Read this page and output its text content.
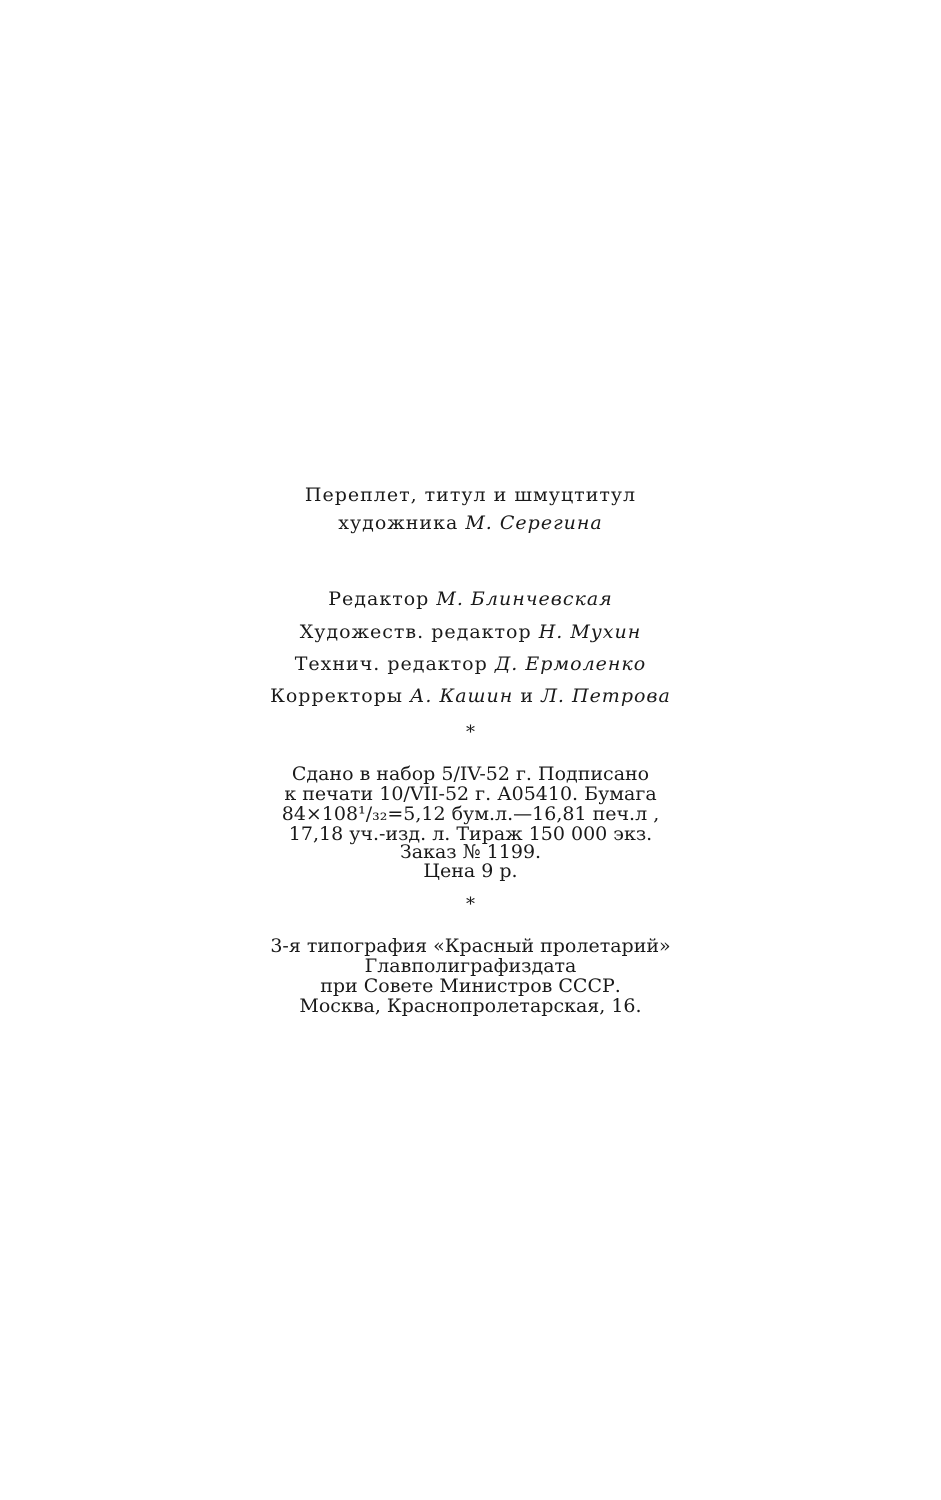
Переплет, титул и шмуцтитул
художника М. Серегина
Редактор М. Блинчевская
Художеств. редактор Н. Мухин
Технич. редактор Д. Ермоленко
Корректоры А. Кашин и Л. Петрова
*
Сдано в набор 5/IV-52 г. Подписано
к печати 10/VII-52 г. А05410. Бумага
84×108¹/₃₂=5,12 бум.л.—16,81 печ.л ,
17,18 уч.-изд. л. Тираж 150 000 экз.
Заказ № 1199.
Цена 9 р.
*
3-я типография «Красный пролетарий»
Главполиграфиздата
при Совете Министров СССР.
Москва, Краснопролетарская, 16.
